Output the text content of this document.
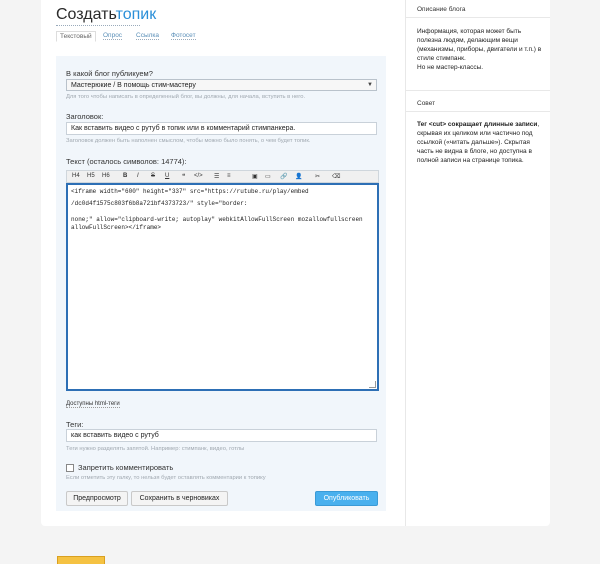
Создатьтопик
Текстовый	Опрос Ссылка Фотосет
В какой блог публикуем?
Мастерюкие / В помощь стим-мастеру	▼
Для того чтобы написать в определенный блог, вы должны, для начала, вступить в него.
Заголовок:
Как вставить видео с рутуб в топик или в комментарий стимпанкера.
Заголовок должен быть наполнен смыслом, чтобы можно было понять, о чем будет топик.
Текст (осталось символов: 14774):
H4 H5 H6 B I S U ❝ </> ☰ ≡	▣ ▭ 🔗 👤 ✂ ⌫
<iframe width="600" height="337" src="https://rutube.ru/play/embed
/dc0d4f1575c803f6b8a721bf4373723/" style="border:
none;" allow="clipboard-write; autoplay" webkitAllowFullScreen mozallowfullscreen
allowFullScreen></iframe>
Доступны html-теги
Теги:
как вставить видео с рутуб
Теги нужно разделять запятой. Например: стимпанк, видео, готлы
Запретить комментировать
Если отметить эту галку, то нельзя будет оставлять комментарии к топику
Предпросмотр	Сохранить в черновиках	Опубликовать
Описание блога
Информация, которая может быть полезна людям, делающим вещи (механизмы, приборы, двигатели и т.п.) в стиле стимпанк.
Но не мастер-классы.
Совет
Тег <cut> сокращает длинные записи, скрывая их целиком или частично под ссылкой («читать дальше»). Скрытая часть не видна в блоге, но доступна в полной записи на странице топика.
